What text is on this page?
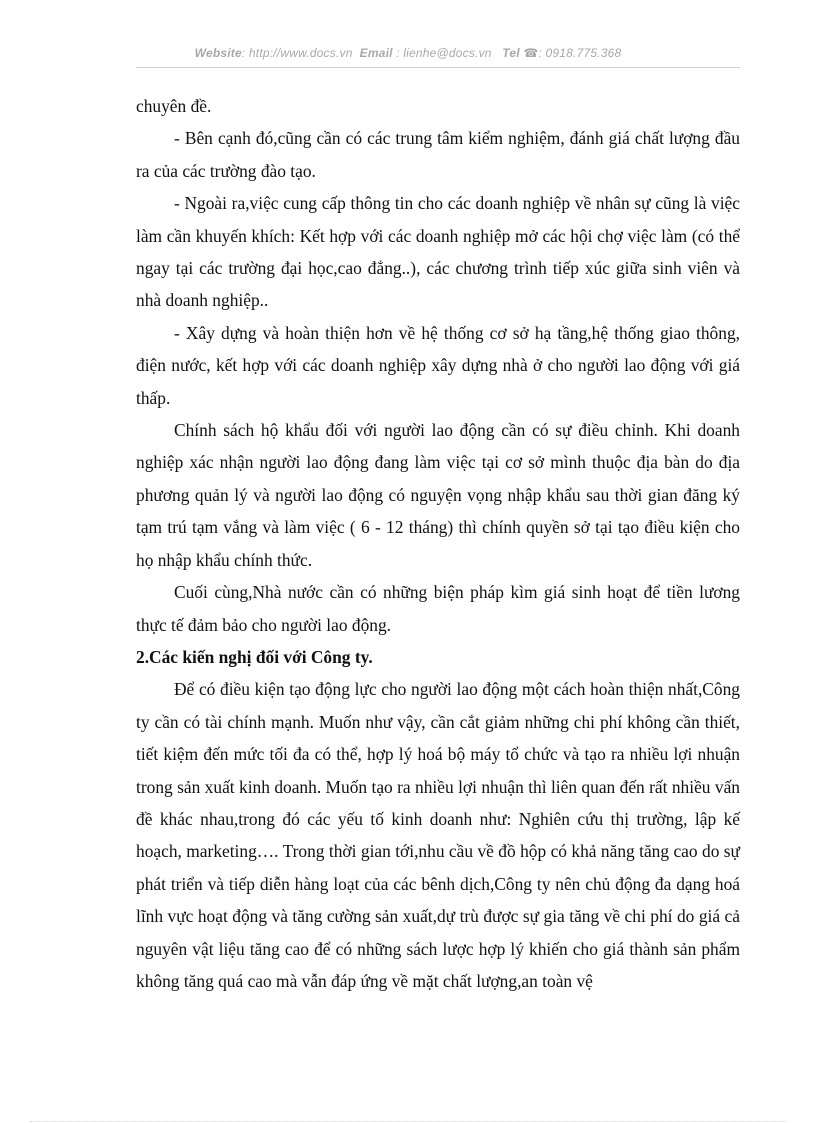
Website: http://www.docs.vn Email : lienhe@docs.vn Tel ☎: 0918.775.368

chuyên đề.

- Bên cạnh đó,cũng cần có các trung tâm kiểm nghiệm, đánh giá chất lượng đầu ra của các trường đào tạo.

- Ngoài ra,việc cung cấp thông tin cho các doanh nghiệp về nhân sự cũng là việc làm cần khuyến khích: Kết hợp với các doanh nghiệp mở các hội chợ việc làm (có thể ngay tại các trường đại học,cao đẳng..), các chương trình tiếp xúc giữa sinh viên và nhà doanh nghiệp..

- Xây dựng và hoàn thiện hơn về hệ thống cơ sở hạ tầng,hệ thống giao thông, điện nước, kết hợp với các doanh nghiệp xây dựng nhà ở cho người lao động với giá thấp.

Chính sách hộ khẩu đối với người lao động cần có sự điều chỉnh. Khi doanh nghiệp xác nhận người lao động đang làm việc tại cơ sở mình thuộc địa bàn do địa phương quản lý và người lao động có nguyện vọng nhập khẩu sau thời gian đăng ký tạm trú tạm vắng và làm việc ( 6 - 12 tháng) thì chính quyền sở tại tạo điều kiện cho họ nhập khẩu chính thức.

Cuối cùng,Nhà nước cần có những biện pháp kìm giá sinh hoạt để tiền lương thực tế đảm bảo cho người lao động.

2.Các kiến nghị đối với Công ty.

Để có điều kiện tạo động lực cho người lao động một cách hoàn thiện nhất,Công ty cần có tài chính mạnh. Muốn như vậy, cần cắt giảm những chi phí không cần thiết, tiết kiệm đến mức tối đa có thể, hợp lý hoá bộ máy tổ chức và tạo ra nhiều lợi nhuận trong sản xuất kinh doanh. Muốn tạo ra nhiều lợi nhuận thì liên quan đến rất nhiều vấn đề khác nhau,trong đó các yếu tố kinh doanh như: Nghiên cứu thị trường, lập kế hoạch, marketing…. Trong thời gian tới,nhu cầu về đồ hộp có khả năng tăng cao do sự phát triển và tiếp diễn hàng loạt của các bênh dịch,Công ty nên chủ động đa dạng hoá lĩnh vực hoạt động và tăng cường sản xuất,dự trù được sự gia tăng về chi phí do giá cả nguyên vật liệu tăng cao để có những sách lược hợp lý khiến cho giá thành sản phẩm không tăng quá cao mà vẫn đáp ứng về mặt chất lượng,an toàn vệ
